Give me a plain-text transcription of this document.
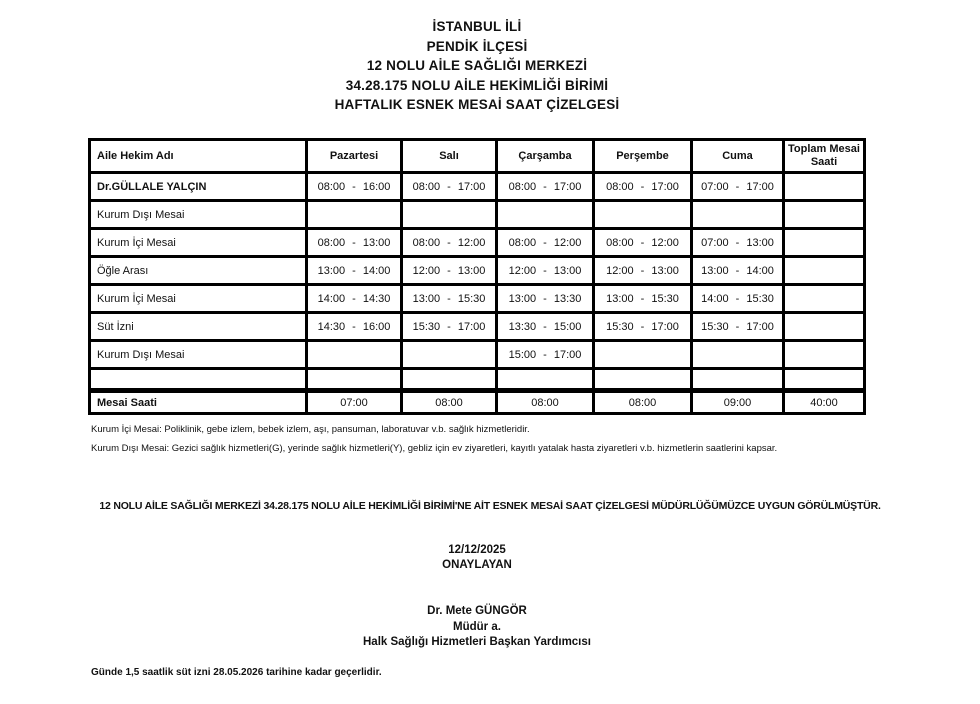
İSTANBUL İLİ
PENDİK İLÇESİ
12 NOLU AİLE SAĞLIĞI MERKEZİ
34.28.175 NOLU AİLE HEKİMLİĞİ BİRİMİ
HAFTALIK ESNEK MESAİ SAAT ÇİZELGESİ
Aile Hekim Adı	Pazartesi	Salı	Çarşamba	Perşembe	Cuma	Toplam Mesai Saati
Dr.GÜLLALE YALÇIN	08:00 - 16:00	08:00 - 17:00	08:00 - 17:00	08:00 - 17:00	07:00 - 17:00	
Kurum Dışı Mesai						
Kurum İçi Mesai	08:00 - 13:00	08:00 - 12:00	08:00 - 12:00	08:00 - 12:00	07:00 - 13:00	
Öğle Arası	13:00 - 14:00	12:00 - 13:00	12:00 - 13:00	12:00 - 13:00	13:00 - 14:00	
Kurum İçi Mesai	14:00 - 14:30	13:00 - 15:30	13:00 - 13:30	13:00 - 15:30	14:00 - 15:30	
Süt İzni	14:30 - 16:00	15:30 - 17:00	13:30 - 15:00	15:30 - 17:00	15:30 - 17:00	
Kurum Dışı Mesai			15:00 - 17:00			

Mesai Saati	07:00	08:00	08:00	08:00	09:00	40:00
Kurum İçi Mesai: Poliklinik, gebe izlem, bebek izlem, aşı, pansuman, laboratuvar v.b. sağlık hizmetleridir.
Kurum Dışı Mesai: Gezici sağlık hizmetleri(G), yerinde sağlık hizmetleri(Y), gebliz için ev ziyaretleri, kayıtlı yatalak hasta ziyaretleri v.b. hizmetlerin saatlerini kapsar.
12 NOLU AİLE SAĞLIĞI MERKEZİ 34.28.175 NOLU AİLE HEKİMLİĞİ BİRİMİ'NE AİT ESNEK MESAİ SAAT ÇİZELGESİ MÜDÜRLÜĞÜMÜZCE UYGUN GÖRÜLMÜŞTÜR.
12/12/2025
ONAYLAYAN
Dr. Mete GÜNGÖR
Müdür a.
Halk Sağlığı Hizmetleri Başkan Yardımcısı
Günde 1,5 saatlik süt izni 28.05.2026 tarihine kadar geçerlidir.
